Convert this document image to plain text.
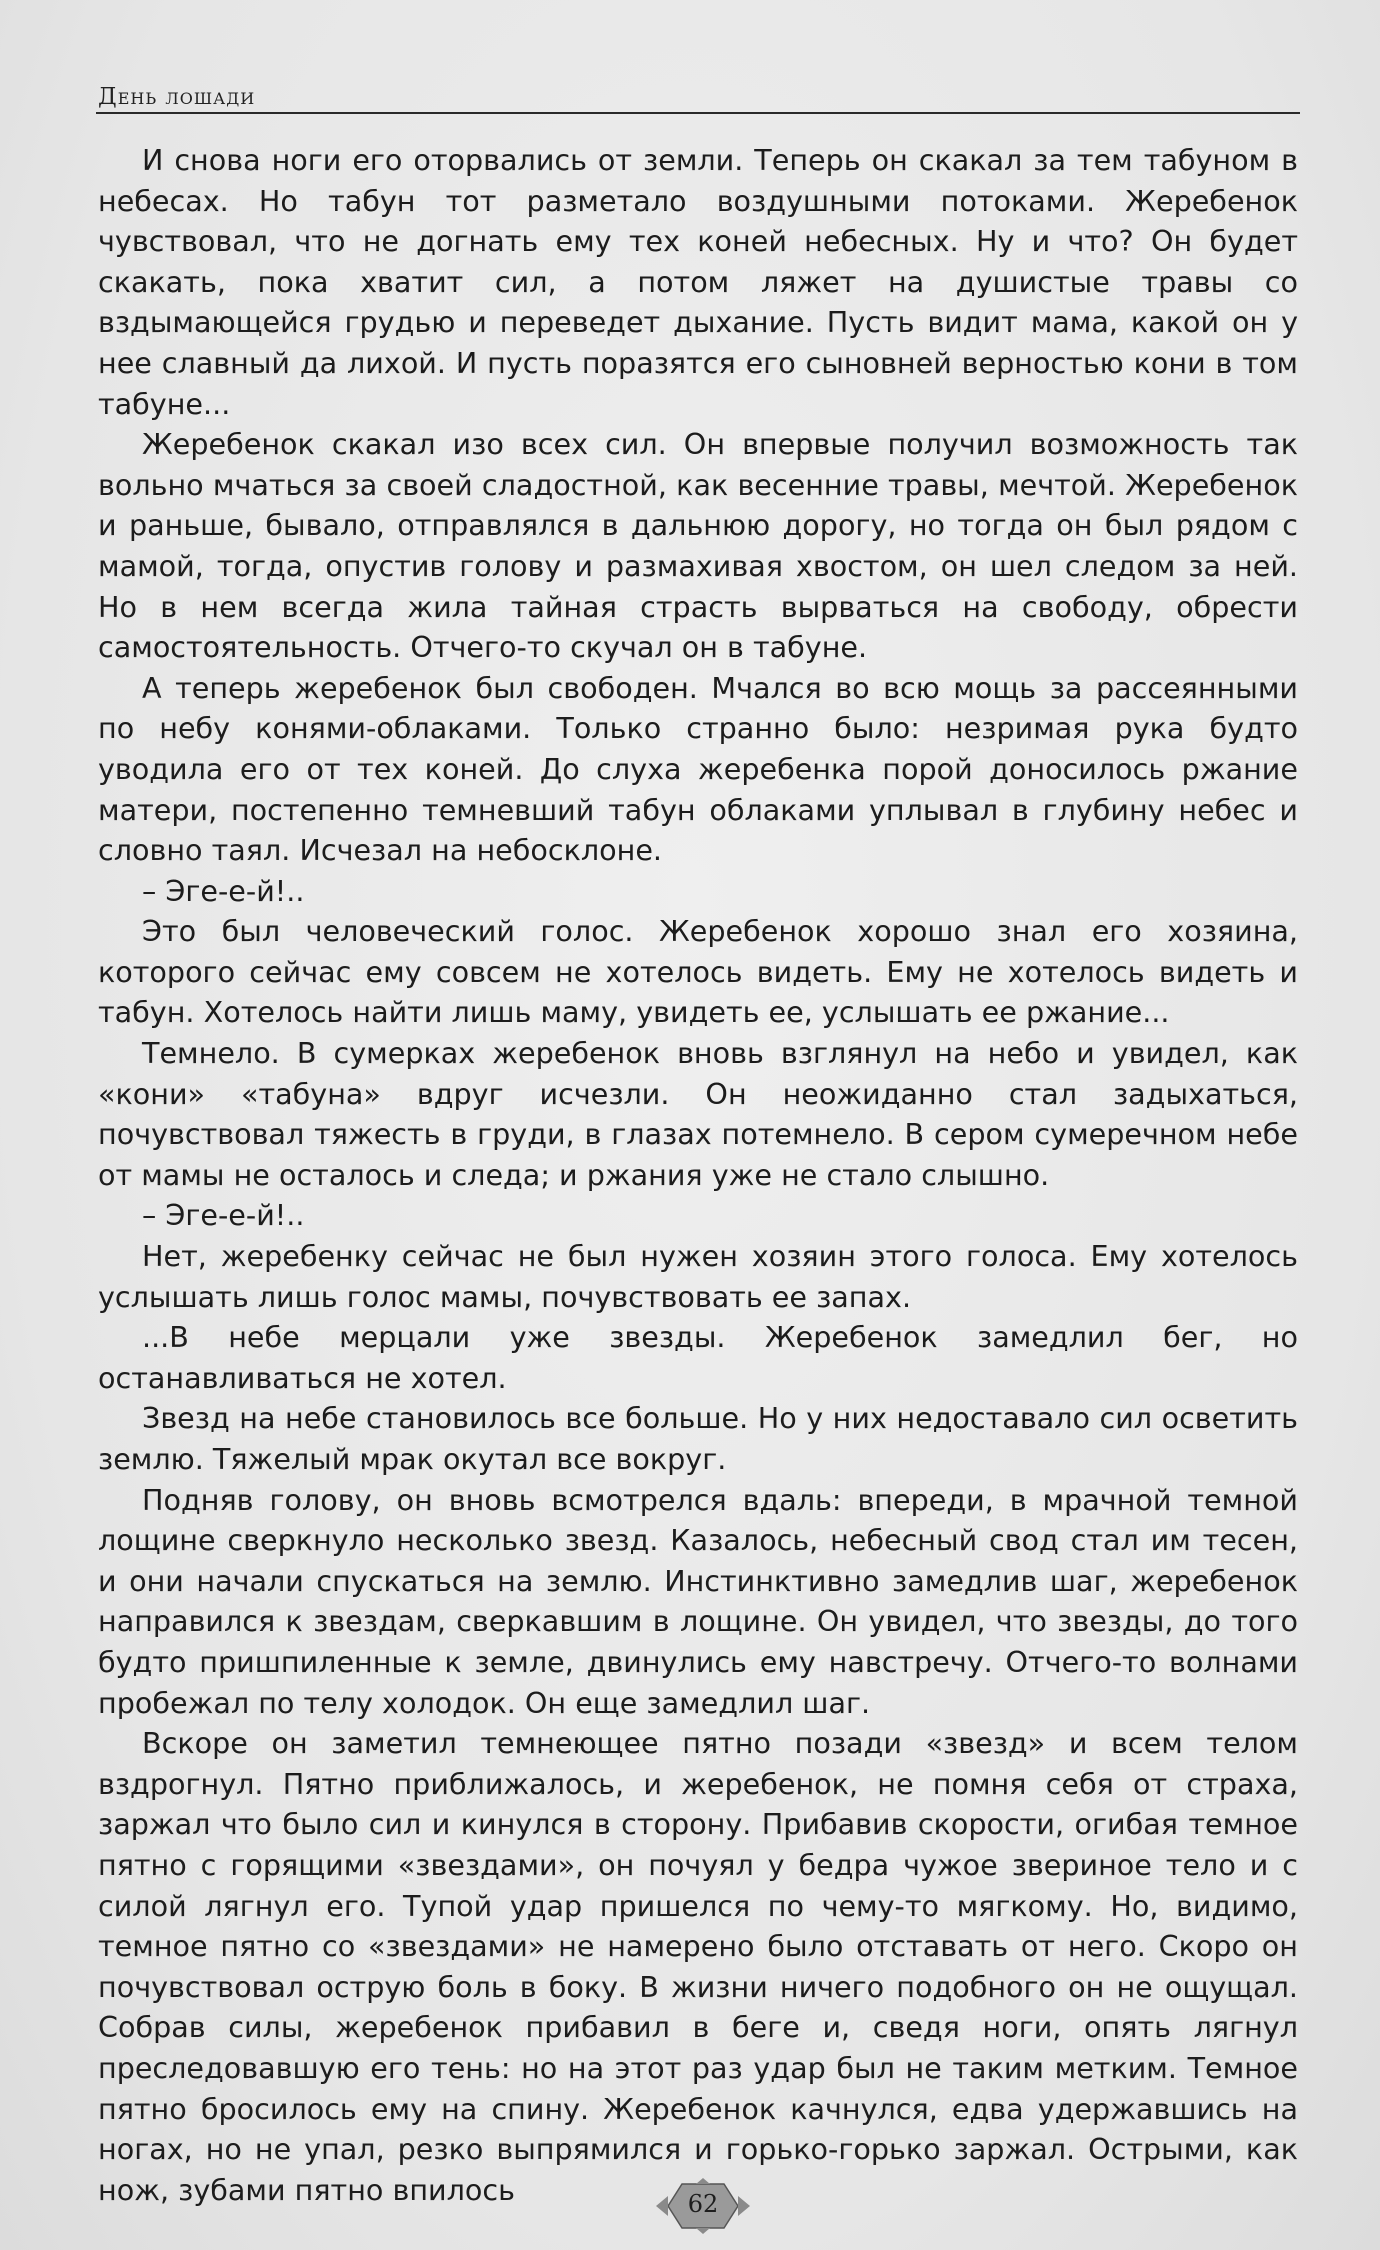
День лошади

И снова ноги его оторвались от земли. Теперь он скакал за тем табуном в небесах. Но табун тот разметало воздушными потоками. Жеребенок чувствовал, что не догнать ему тех коней небесных. Ну и что? Он будет скакать, пока хватит сил, а потом ляжет на душистые травы со вздымающейся грудью и переведет дыхание. Пусть видит мама, какой он у нее славный да лихой. И пусть поразятся его сыновней верностью кони в том табуне...

Жеребенок скакал изо всех сил. Он впервые получил возможность так вольно мчаться за своей сладостной, как весенние травы, мечтой. Жеребенок и раньше, бывало, отправлялся в дальнюю дорогу, но тогда он был рядом с мамой, тогда, опустив голову и размахивая хвостом, он шел следом за ней. Но в нем всегда жила тайная страсть вырваться на свободу, обрести самостоятельность. Отчего-то скучал он в табуне.

А теперь жеребенок был свободен. Мчался во всю мощь за рассеянными по небу конями-облаками. Только странно было: незримая рука будто уводила его от тех коней. До слуха жеребенка порой доносилось ржание матери, постепенно темневший табун облаками уплывал в глубину небес и словно таял. Исчезал на небосклоне.

– Эге-е-й!..

Это был человеческий голос. Жеребенок хорошо знал его хозяина, которого сейчас ему совсем не хотелось видеть. Ему не хотелось видеть и табун. Хотелось найти лишь маму, увидеть ее, услышать ее ржание...

Темнело. В сумерках жеребенок вновь взглянул на небо и увидел, как «кони» «табуна» вдруг исчезли. Он неожиданно стал задыхаться, почувствовал тяжесть в груди, в глазах потемнело. В сером сумеречном небе от мамы не осталось и следа; и ржания уже не стало слышно.

– Эге-е-й!..

Нет, жеребенку сейчас не был нужен хозяин этого голоса. Ему хотелось услышать лишь голос мамы, почувствовать ее запах.

...В небе мерцали уже звезды. Жеребенок замедлил бег, но останавливаться не хотел.

Звезд на небе становилось все больше. Но у них недоставало сил осветить землю. Тяжелый мрак окутал все вокруг.

Подняв голову, он вновь всмотрелся вдаль: впереди, в мрачной темной лощине сверкнуло несколько звезд. Казалось, небесный свод стал им тесен, и они начали спускаться на землю. Инстинктивно замедлив шаг, жеребенок направился к звездам, сверкавшим в лощине. Он увидел, что звезды, до того будто пришпиленные к земле, двинулись ему навстречу. Отчего-то волнами пробежал по телу холодок. Он еще замедлил шаг.

Вскоре он заметил темнеющее пятно позади «звезд» и всем телом вздрогнул. Пятно приближалось, и жеребенок, не помня себя от страха, заржал что было сил и кинулся в сторону. Прибавив скорости, огибая темное пятно с горящими «звездами», он почуял у бедра чужое звериное тело и с силой лягнул его. Тупой удар пришелся по чему-то мягкому. Но, видимо, темное пятно со «звездами» не намерено было отставать от него. Скоро он почувствовал острую боль в боку. В жизни ничего подобного он не ощущал. Собрав силы, жеребенок прибавил в беге и, сведя ноги, опять лягнул преследовавшую его тень: но на этот раз удар был не таким метким. Темное пятно бросилось ему на спину. Жеребенок качнулся, едва удержавшись на ногах, но не упал, резко выпрямился и горько-горько заржал. Острыми, как нож, зубами пятно впилось	62
